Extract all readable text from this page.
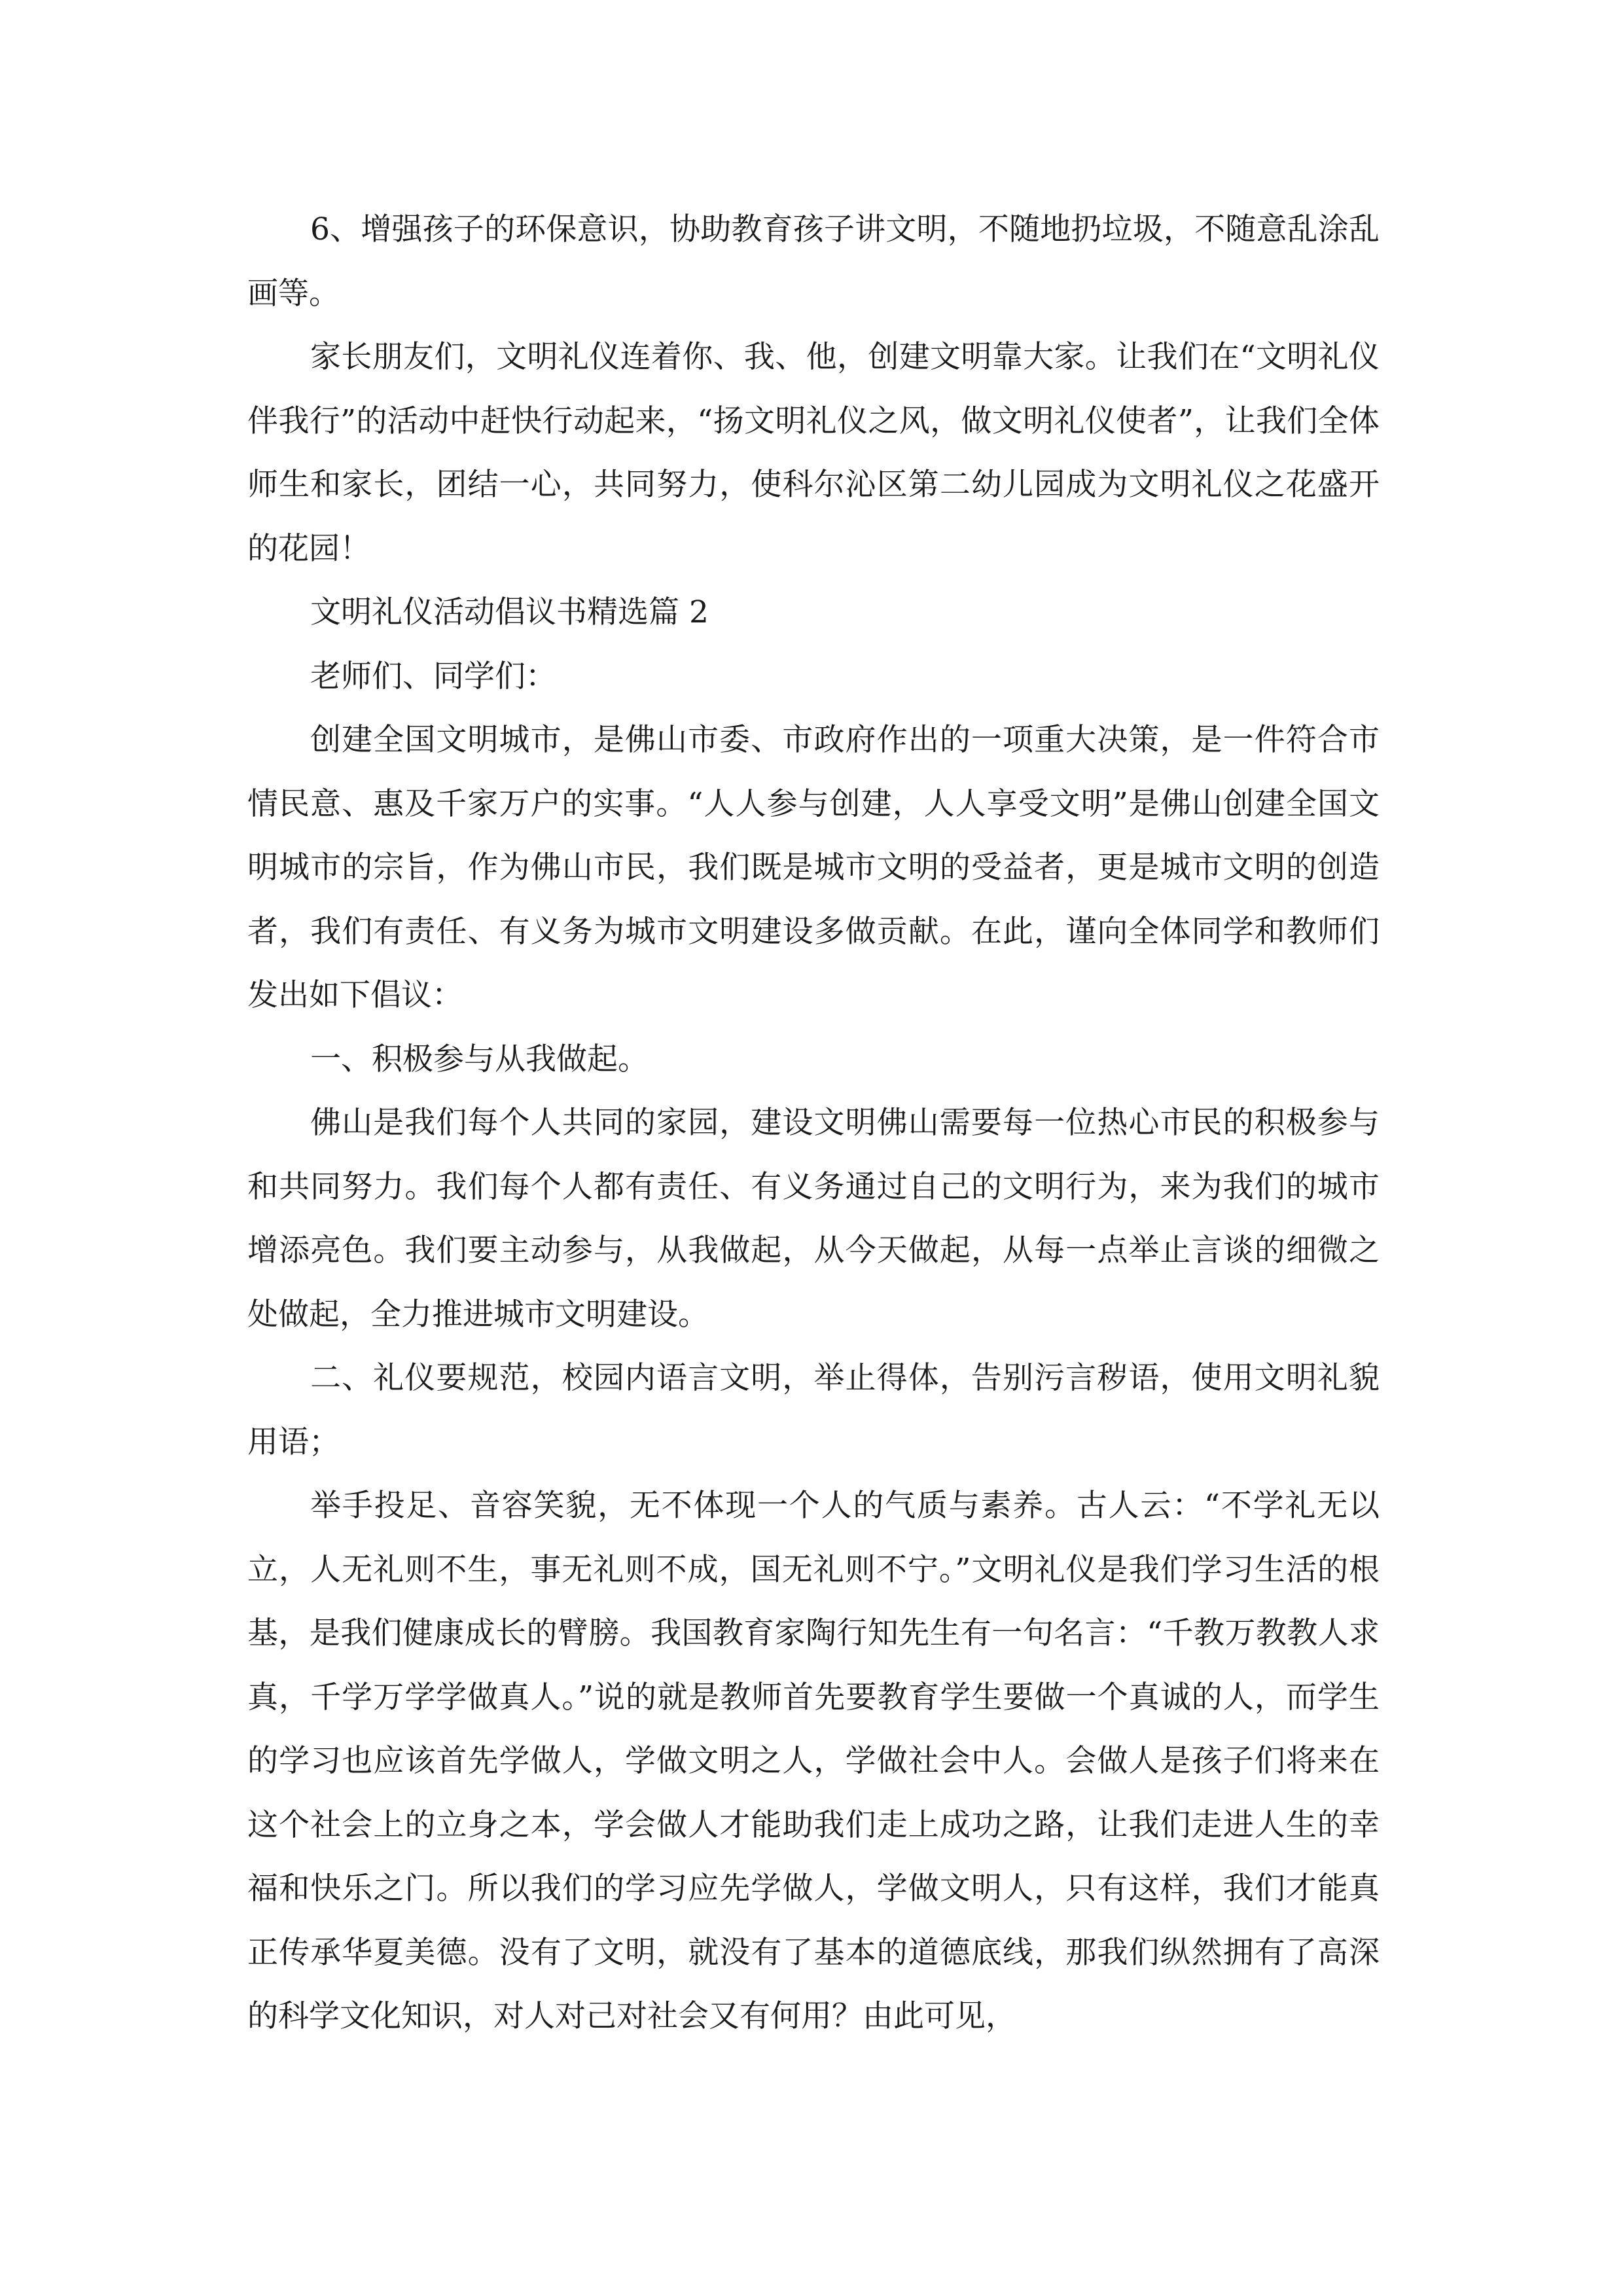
6、增强孩子的环保意识，协助教育孩子讲文明，不随地扔垃圾，不随意乱涂乱画等。

家长朋友们，文明礼仪连着你、我、他，创建文明靠大家。让我们在“文明礼仪伴我行”的活动中赶快行动起来，“扬文明礼仪之风，做文明礼仪使者”，让我们全体师生和家长，团结一心，共同努力，使科尔沁区第二幼儿园成为文明礼仪之花盛开的花园！

文明礼仪活动倡议书精选篇 2

老师们、同学们：

创建全国文明城市，是佛山市委、市政府作出的一项重大决策，是一件符合市情民意、惠及千家万户的实事。“人人参与创建，人人享受文明”是佛山创建全国文明城市的宗旨，作为佛山市民，我们既是城市文明的受益者，更是城市文明的创造者，我们有责任、有义务为城市文明建设多做贡献。在此，谨向全体同学和教师们发出如下倡议：

一、积极参与从我做起。

佛山是我们每个人共同的家园，建设文明佛山需要每一位热心市民的积极参与和共同努力。我们每个人都有责任、有义务通过自己的文明行为，来为我们的城市增添亮色。我们要主动参与，从我做起，从今天做起，从每一点举止言谈的细微之处做起，全力推进城市文明建设。

二、礼仪要规范，校园内语言文明，举止得体，告别污言秽语，使用文明礼貌用语；

举手投足、音容笑貌，无不体现一个人的气质与素养。古人云：“不学礼无以立，人无礼则不生，事无礼则不成，国无礼则不宁。”文明礼仪是我们学习生活的根基，是我们健康成长的臂膀。我国教育家陶行知先生有一句名言：“千教万教教人求真，千学万学学做真人。”说的就是教师首先要教育学生要做一个真诚的人，而学生的学习也应该首先学做人，学做文明之人，学做社会中人。会做人是孩子们将来在这个社会上的立身之本，学会做人才能助我们走上成功之路，让我们走进人生的幸福和快乐之门。所以我们的学习应先学做人，学做文明人，只有这样，我们才能真正传承华夏美德。没有了文明，就没有了基本的道德底线，那我们纵然拥有了高深的科学文化知识，对人对己对社会又有何用？由此可见，
